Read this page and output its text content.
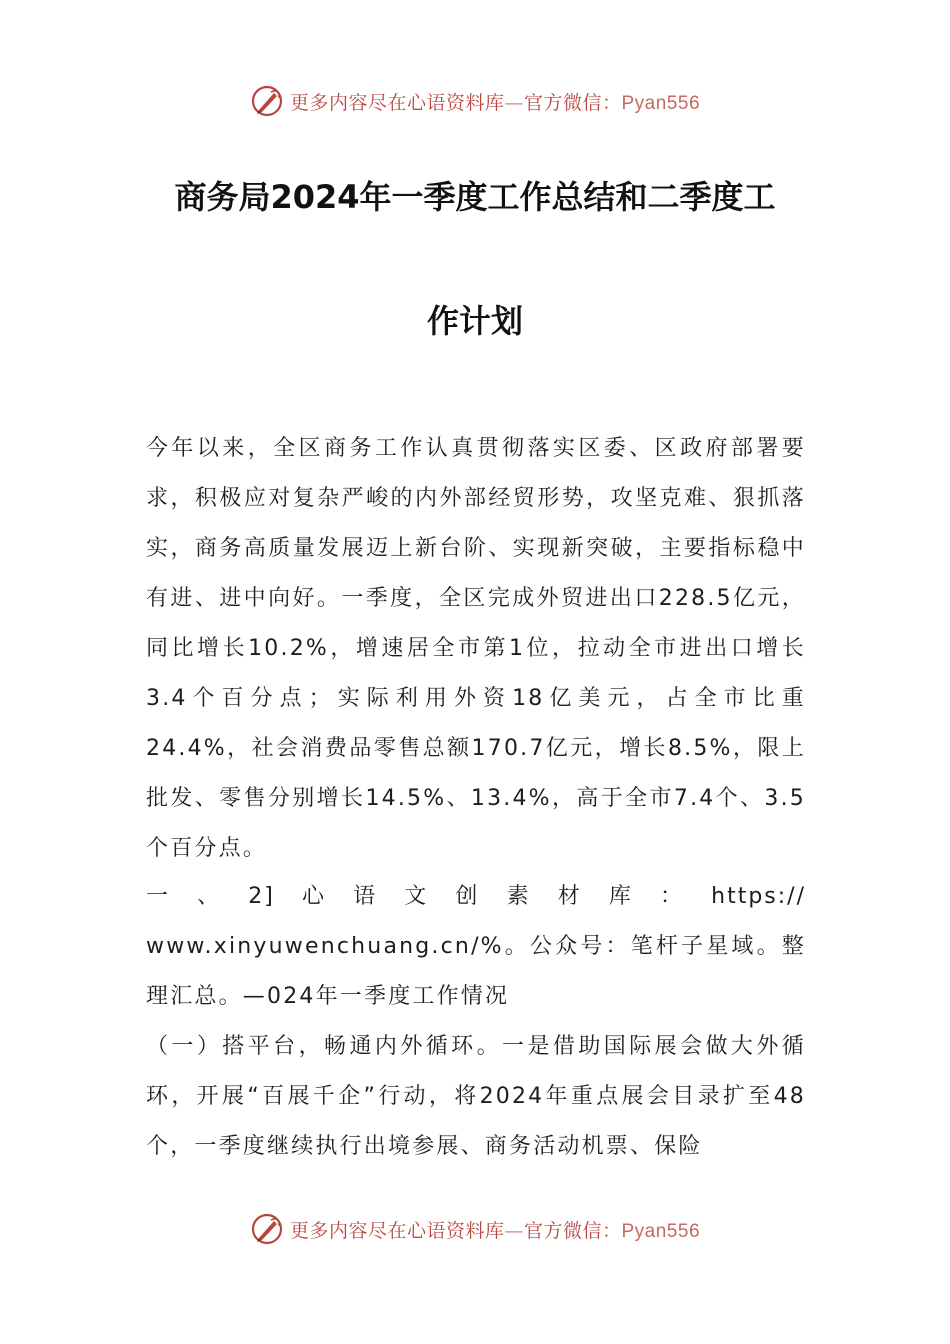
更多内容尽在心语资料库—官方微信：Pyan556
商务局2024年一季度工作总结和二季度工
作计划

今年以来，全区商务工作认真贯彻落实区委、区政府部署要求，积极应对复杂严峻的内外部经贸形势，攻坚克难、狠抓落实，商务高质量发展迈上新台阶、实现新突破，主要指标稳中有进、进中向好。一季度，全区完成外贸进出口228.5亿元，同比增长10.2%，增速居全市第1位，拉动全市进出口增长3.4个百分点；实际利用外资18亿美元，占全市比重24.4%，社会消费品零售总额170.7亿元，增长8.5%，限上批发、零售分别增长14.5%、13.4%，高于全市7.4个、3.5个百分点。

一、2]心语文创素材库：https://
www.xinyuwenchuang.cn/%。公众号：笔杆子星域。整理汇总。—024年一季度工作情况

（一）搭平台，畅通内外循环。一是借助国际展会做大外循环，开展“百展千企”行动，将2024年重点展会目录扩至48个，一季度继续执行出境参展、商务活动机票、保险

更多内容尽在心语资料库—官方微信：Pyan556
